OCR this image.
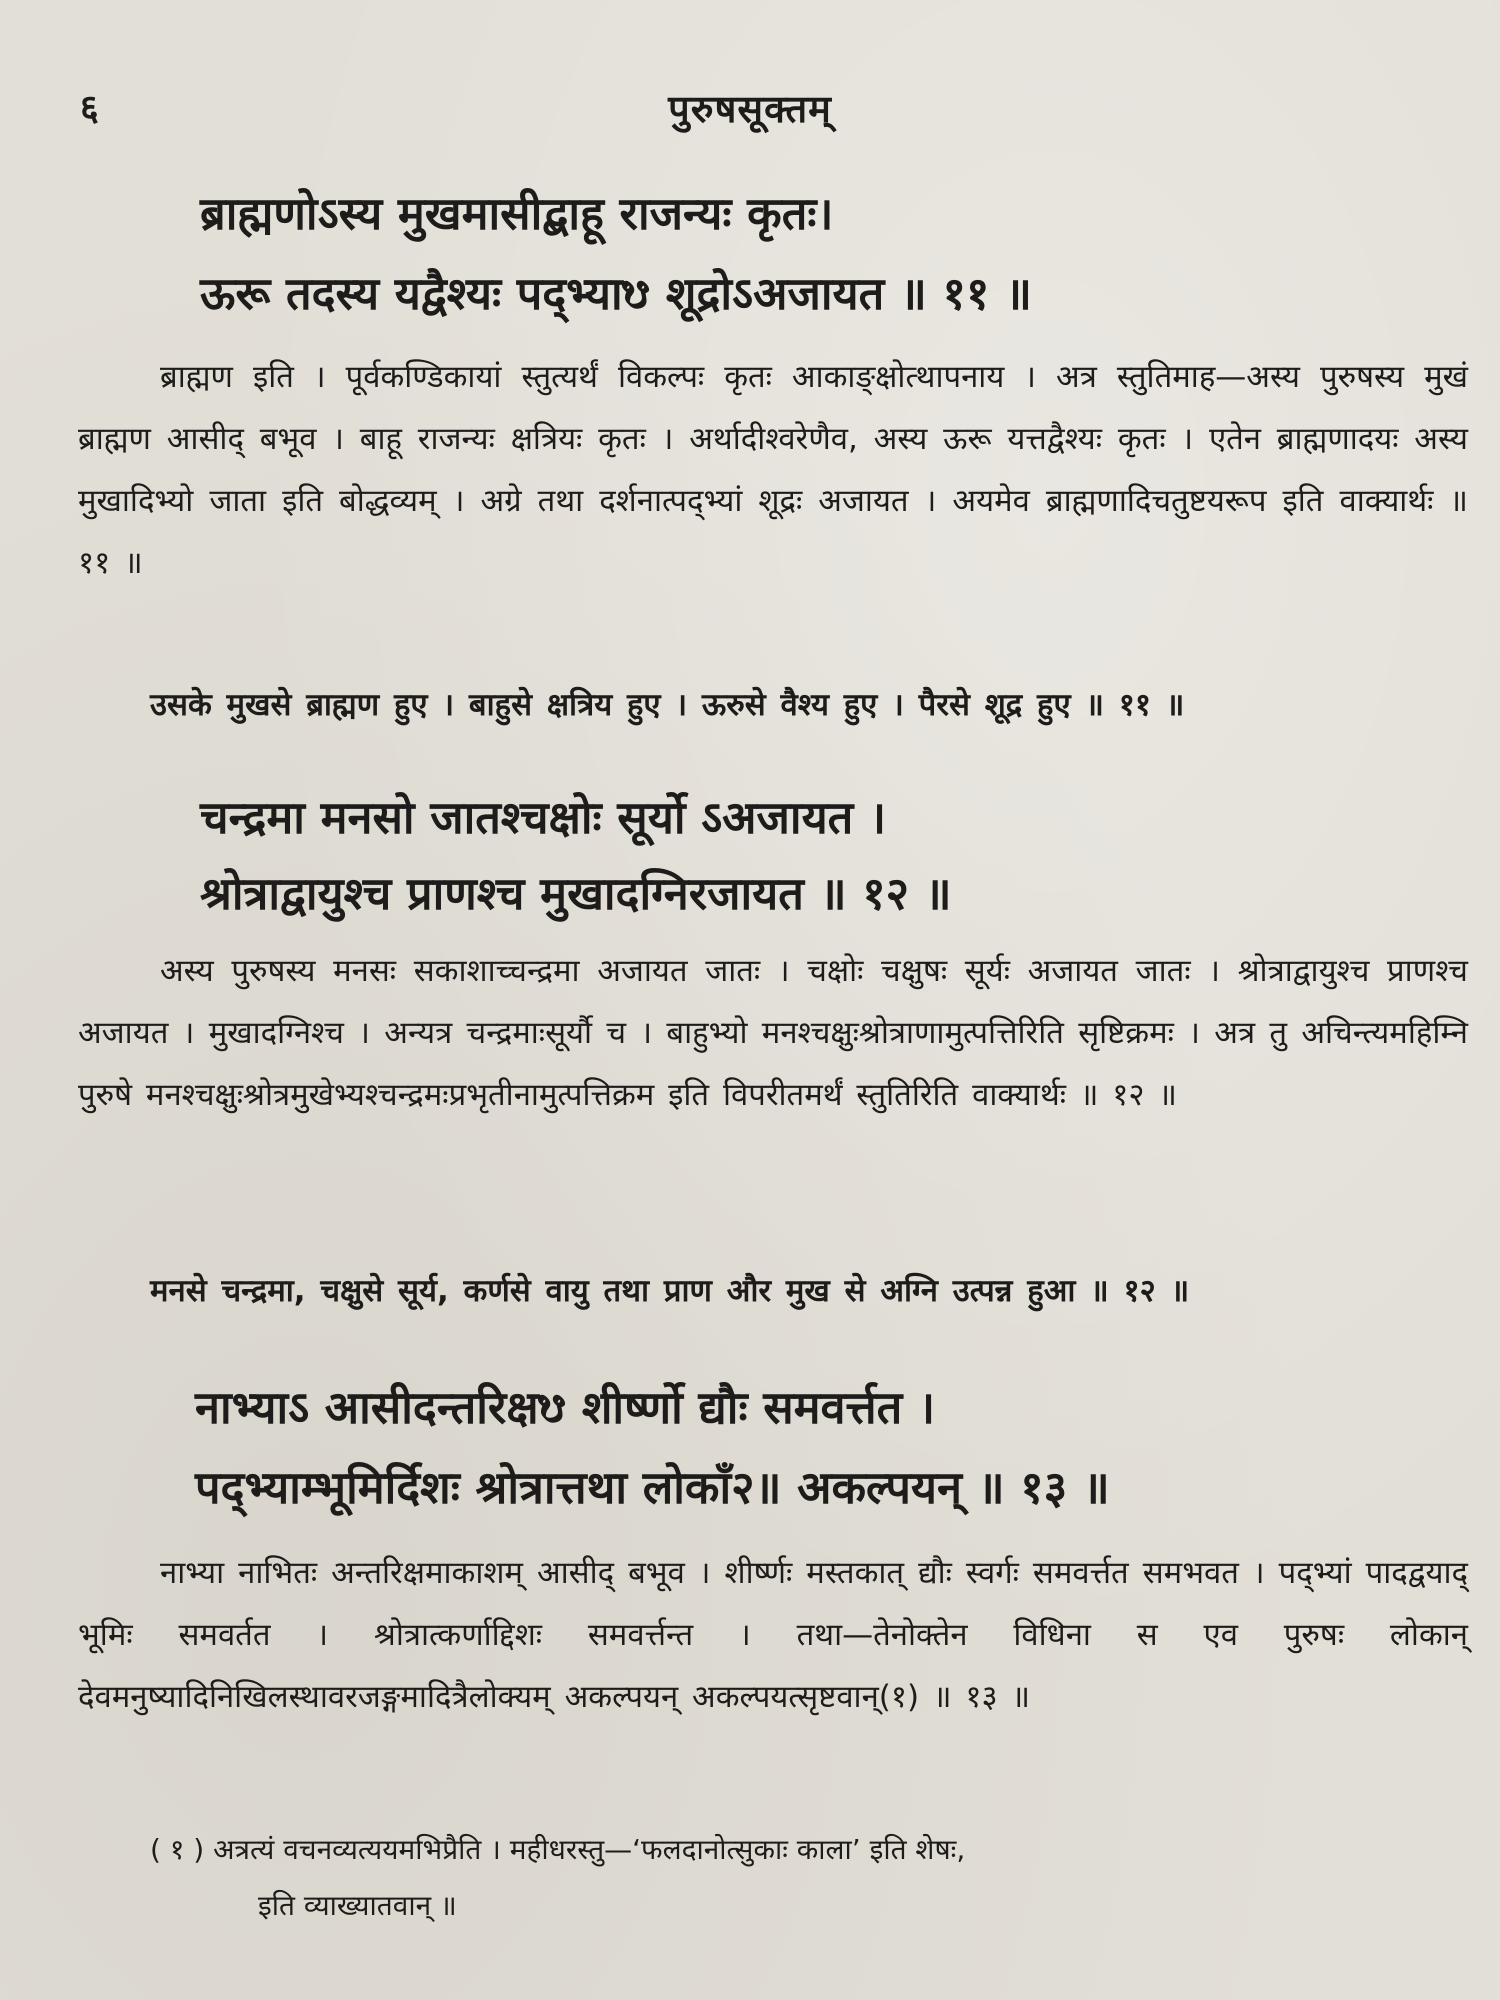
६	पुरुषसूक्तम्
ब्राह्मणोऽस्य मुखमासीद्बाहू राजन्यः कृतः।
ऊरू तदस्य यद्वैश्यः पद्भ्याᳪ शूद्रोऽअजायत ॥ ११ ॥
ब्राह्मण इति । पूर्वकण्डिकायां स्तुत्यर्थं विकल्पः कृतः आकाङ्क्षोत्थापनाय । अत्र स्तुतिमाह—अस्य पुरुषस्य मुखं ब्राह्मण आसीद् बभूव । बाहू राजन्यः क्षत्रियः कृतः । अर्थादीश्वरेणैव, अस्य ऊरू यत्तद्वैश्यः कृतः । एतेन ब्राह्मणादयः अस्य मुखादिभ्यो जाता इति बोद्धव्यम् । अग्रे तथा दर्शनात्पद्भ्यां शूद्रः अजायत । अयमेव ब्राह्मणादिचतुष्टयरूप इति वाक्यार्थः ॥ ११ ॥
उसके मुखसे ब्राह्मण हुए । बाहुसे क्षत्रिय हुए । ऊरुसे वैश्य हुए । पैरसे शूद्र हुए ॥ ११ ॥
चन्द्रमा मनसो जातश्चक्षोः सूर्यो ऽअजायत ।
श्रोत्राद्वायुश्च प्राणश्च मुखादग्निरजायत ॥ १२ ॥
अस्य पुरुषस्य मनसः सकाशाच्चन्द्रमा अजायत जातः । चक्षोः चक्षुषः सूर्यः अजायत जातः । श्रोत्राद्वायुश्च प्राणश्च अजायत । मुखादग्निश्च । अन्यत्र चन्द्रमाःसूर्यौ च । बाहुभ्यो मनश्चक्षुःश्रोत्राणामुत्पत्तिरिति सृष्टिक्रमः । अत्र तु अचिन्त्यमहिम्नि पुरुषे मनश्चक्षुःश्रोत्रमुखेभ्यश्चन्द्रमःप्रभृतीनामुत्पत्तिक्रम इति विपरीतमर्थं स्तुतिरिति वाक्यार्थः ॥ १२ ॥
मनसे चन्द्रमा, चक्षुसे सूर्य, कर्णसे वायु तथा प्राण और मुख से अग्नि उत्पन्न हुआ ॥ १२ ॥
नाभ्याऽ आसीदन्तरिक्षᳪ शीर्ष्णो द्यौः समवर्त्तत ।
पद्भ्याम्भूमिर्दिशः श्रोत्रात्तथा लोकाँ२॥ अकल्पयन् ॥ १३ ॥
नाभ्या नाभितः अन्तरिक्षमाकाशम् आसीद् बभूव । शीर्ष्णः मस्तकात् द्यौः स्वर्गः समवर्त्तत समभवत । पद्भ्यां पादद्वयाद् भूमिः समवर्तत । श्रोत्रात्कर्णाद्दिशः समवर्त्तन्त । तथा—तेनोक्तेन विधिना स एव पुरुषः लोकान् देवमनुष्यादिनिखिलस्थावरजङ्गमादित्रैलोक्यम् अकल्पयन् अकल्पयत्सृष्टवान्(१) ॥ १३ ॥
( १ ) अत्रत्यं वचनव्यत्ययमभिप्रैति । महीधरस्तु—‘फलदानोत्सुकाः काला’ इति शेषः,
इति व्याख्यातवान् ॥
